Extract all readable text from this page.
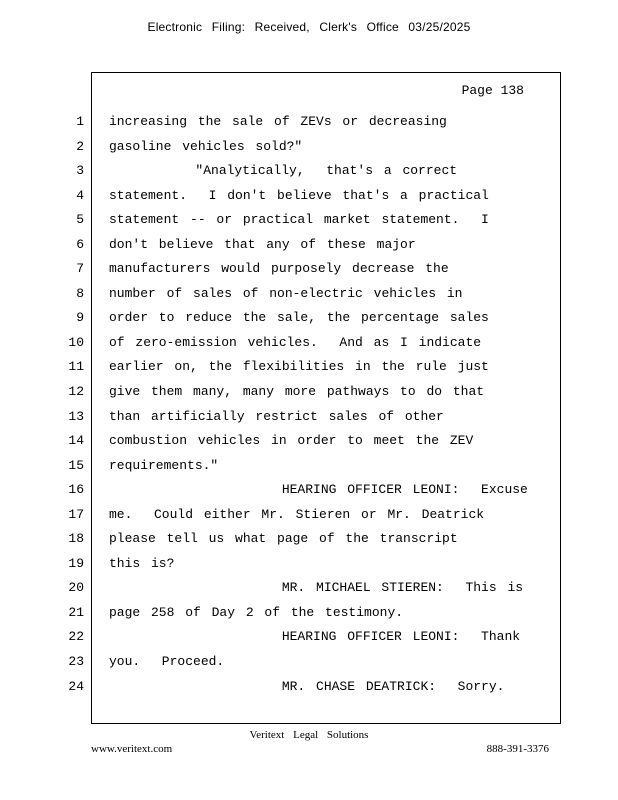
Electronic Filing: Received, Clerk's Office 03/25/2025
Page 138
1
2
3
4
5
6
7
8
9
10
11
12
13
14
15
16
17
18
19
20
21
22
23
24
increasing the sale of ZEVs or decreasing
gasoline vehicles sold?"
"Analytically,  that's a correct
statement.  I don't believe that's a practical
statement -- or practical market statement.  I
don't believe that any of these major
manufacturers would purposely decrease the
number of sales of non-electric vehicles in
order to reduce the sale, the percentage sales
of zero-emission vehicles.  And as I indicate
earlier on, the flexibilities in the rule just
give them many, many more pathways to do that
than artificially restrict sales of other
combustion vehicles in order to meet the ZEV
requirements."
HEARING OFFICER LEONI:  Excuse
me.  Could either Mr. Stieren or Mr. Deatrick
please tell us what page of the transcript
this is?
MR. MICHAEL STIEREN:  This is
page 258 of Day 2 of the testimony.
HEARING OFFICER LEONI:  Thank
you.  Proceed.
MR. CHASE DEATRICK:  Sorry.
Veritext Legal Solutions
www.veritext.com	888-391-3376
